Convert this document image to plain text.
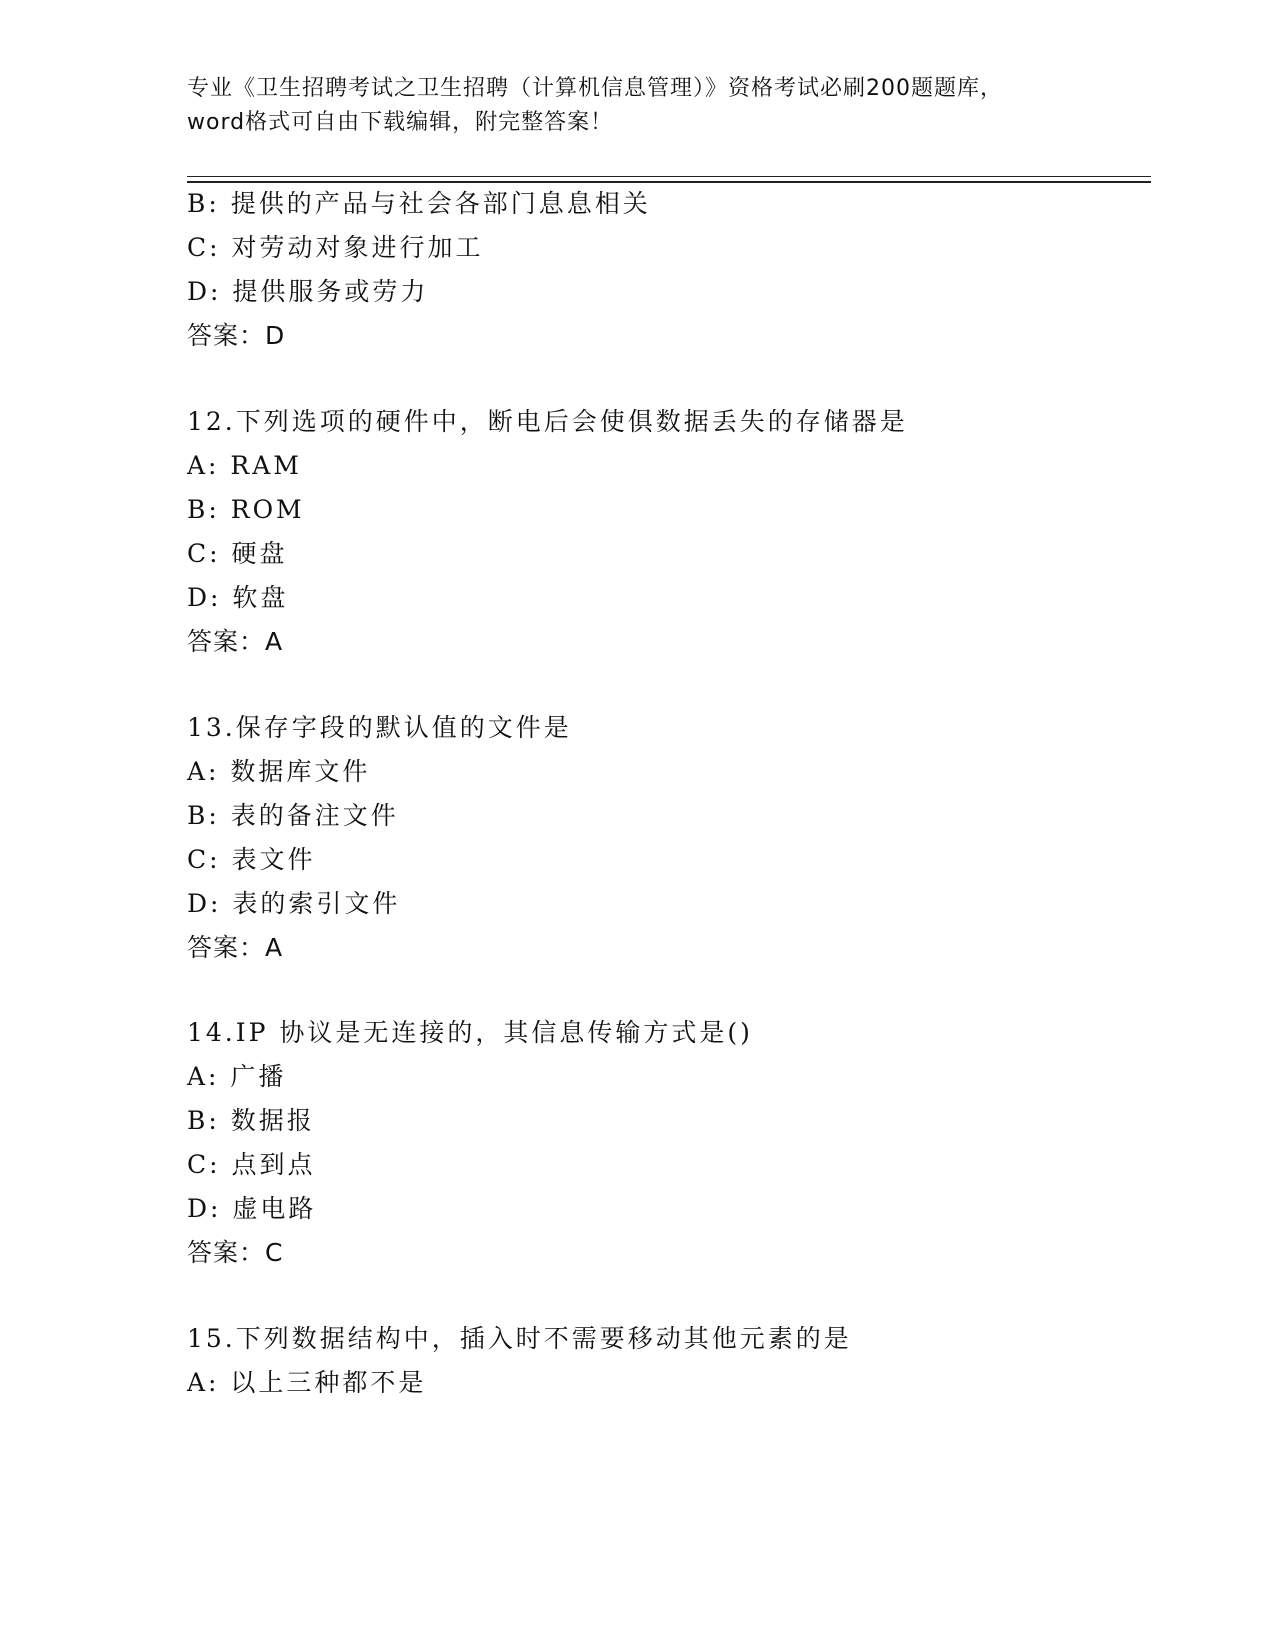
专业《卫生招聘考试之卫生招聘（计算机信息管理）》资格考试必刷200题题库，
word格式可自由下载编辑，附完整答案！
B: 提供的产品与社会各部门息息相关
C: 对劳动对象进行加工
D: 提供服务或劳力
答案：D
12.下列选项的硬件中，断电后会使俱数据丢失的存储器是
A: RAM
B: ROM
C: 硬盘
D: 软盘
答案：A
13.保存字段的默认值的文件是
A: 数据库文件
B: 表的备注文件
C: 表文件
D: 表的索引文件
答案：A
14.IP 协议是无连接的，其信息传输方式是()
A: 广播
B: 数据报
C: 点到点
D: 虚电路
答案：C
15.下列数据结构中，插入时不需要移动其他元素的是
A: 以上三种都不是
